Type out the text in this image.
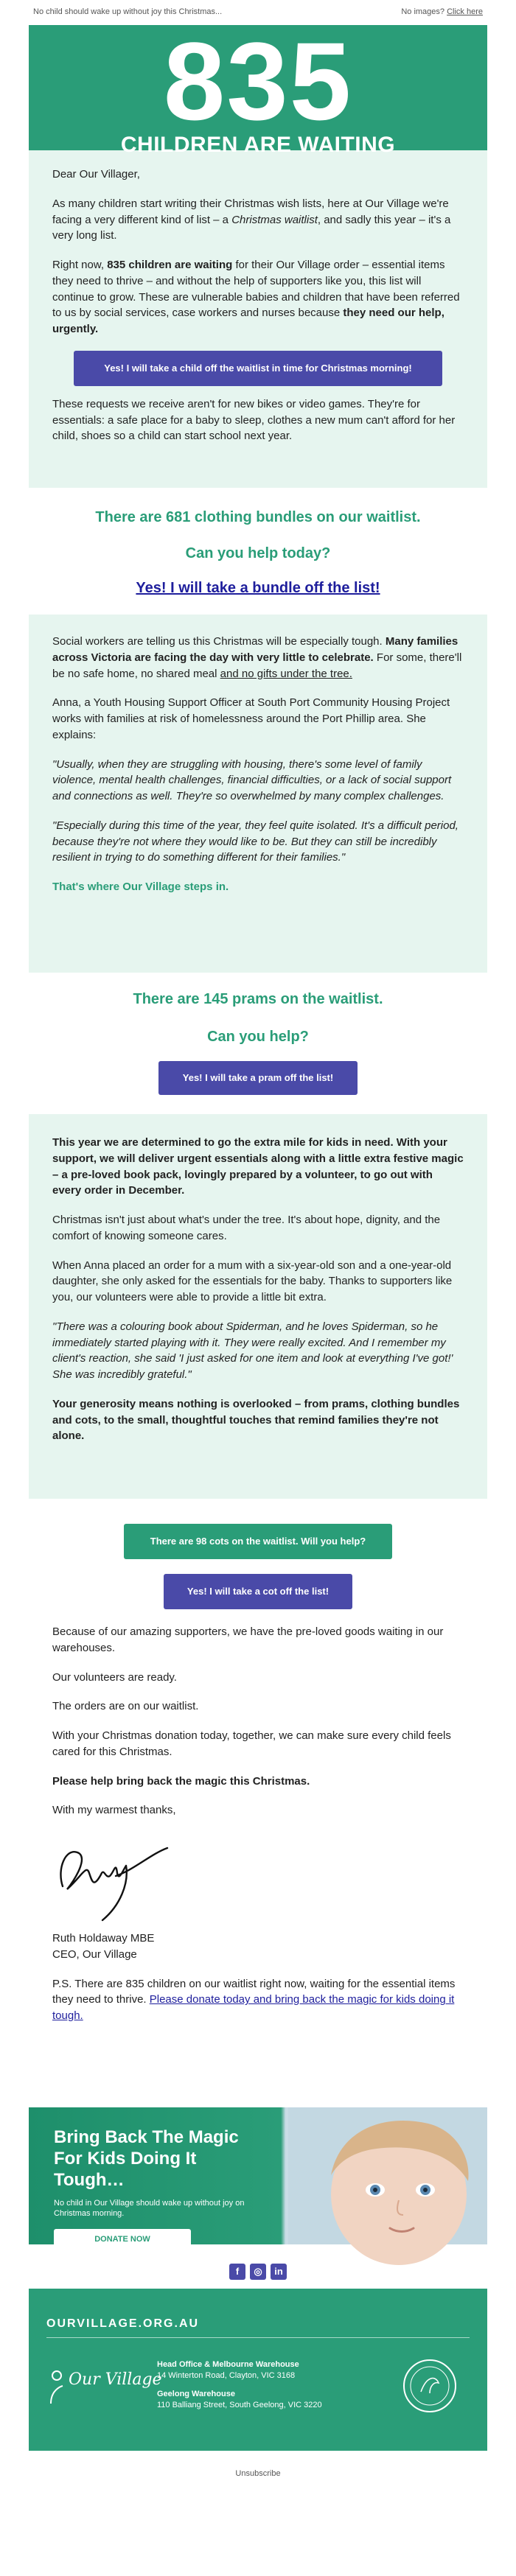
No child should wake up without joy this Christmas...	No images? Click here
835
CHILDREN ARE WAITING

Dear Our Villager,

As many children start writing their Christmas wish lists, here at Our Village we're facing a very different kind of list – a Christmas waitlist, and sadly this year – it's a very long list.

Right now, 835 children are waiting for their Our Village order – essential items they need to thrive – and without the help of supporters like you, this list will continue to grow. These are vulnerable babies and children that have been referred to us by social services, case workers and nurses because they need our help, urgently.

Yes! I will take a child off the waitlist in time for Christmas morning!

These requests we receive aren't for new bikes or video games. They're for essentials: a safe place for a baby to sleep, clothes a new mum can't afford for her child, shoes so a child can start school next year.

There are 681 clothing bundles on our waitlist.
Can you help today?
Yes! I will take a bundle off the list!

Social workers are telling us this Christmas will be especially tough. Many families across Victoria are facing the day with very little to celebrate. For some, there'll be no safe home, no shared meal and no gifts under the tree.

Anna, a Youth Housing Support Officer at South Port Community Housing Project works with families at risk of homelessness around the Port Phillip area. She explains:

"Usually, when they are struggling with housing, there's some level of family violence, mental health challenges, financial difficulties, or a lack of social support and connections as well. They're so overwhelmed by many complex challenges.

"Especially during this time of the year, they feel quite isolated. It's a difficult period, because they're not where they would like to be. But they can still be incredibly resilient in trying to do something different for their families."

That's where Our Village steps in.

There are 145 prams on the waitlist.
Can you help?
Yes! I will take a pram off the list!

This year we are determined to go the extra mile for kids in need. With your support, we will deliver urgent essentials along with a little extra festive magic – a pre-loved book pack, lovingly prepared by a volunteer, to go out with every order in December.

Christmas isn't just about what's under the tree. It's about hope, dignity, and the comfort of knowing someone cares.

When Anna placed an order for a mum with a six-year-old son and a one-year-old daughter, she only asked for the essentials for the baby. Thanks to supporters like you, our volunteers were able to provide a little bit extra.

"There was a colouring book about Spiderman, and he loves Spiderman, so he immediately started playing with it. They were really excited. And I remember my client's reaction, she said 'I just asked for one item and look at everything I've got!' She was incredibly grateful."

Your generosity means nothing is overlooked – from prams, clothing bundles and cots, to the small, thoughtful touches that remind families they're not alone.

There are 98 cots on the waitlist. Will you help?
Yes! I will take a cot off the list!

Because of our amazing supporters, we have the pre-loved goods waiting in our warehouses.

Our volunteers are ready.

The orders are on our waitlist.

With your Christmas donation today, together, we can make sure every child feels cared for this Christmas.

Please help bring back the magic this Christmas.

With my warmest thanks,

Ruth Holdaway MBE

CEO, Our Village

P.S. There are 835 children on our waitlist right now, waiting for the essential items they need to thrive. Please donate today and bring back the magic for kids doing it tough.

Bring Back The Magic For Kids Doing It Tough…
No child in Our Village should wake up without joy on Christmas morning.
DONATE NOW
f	◎	in
OURVILLAGE.ORG.AU
Our Village
Head Office & Melbourne Warehouse
14 Winterton Road, Clayton, VIC 3168
Geelong Warehouse
110 Balliang Street, South Geelong, VIC 3220
Unsubscribe
